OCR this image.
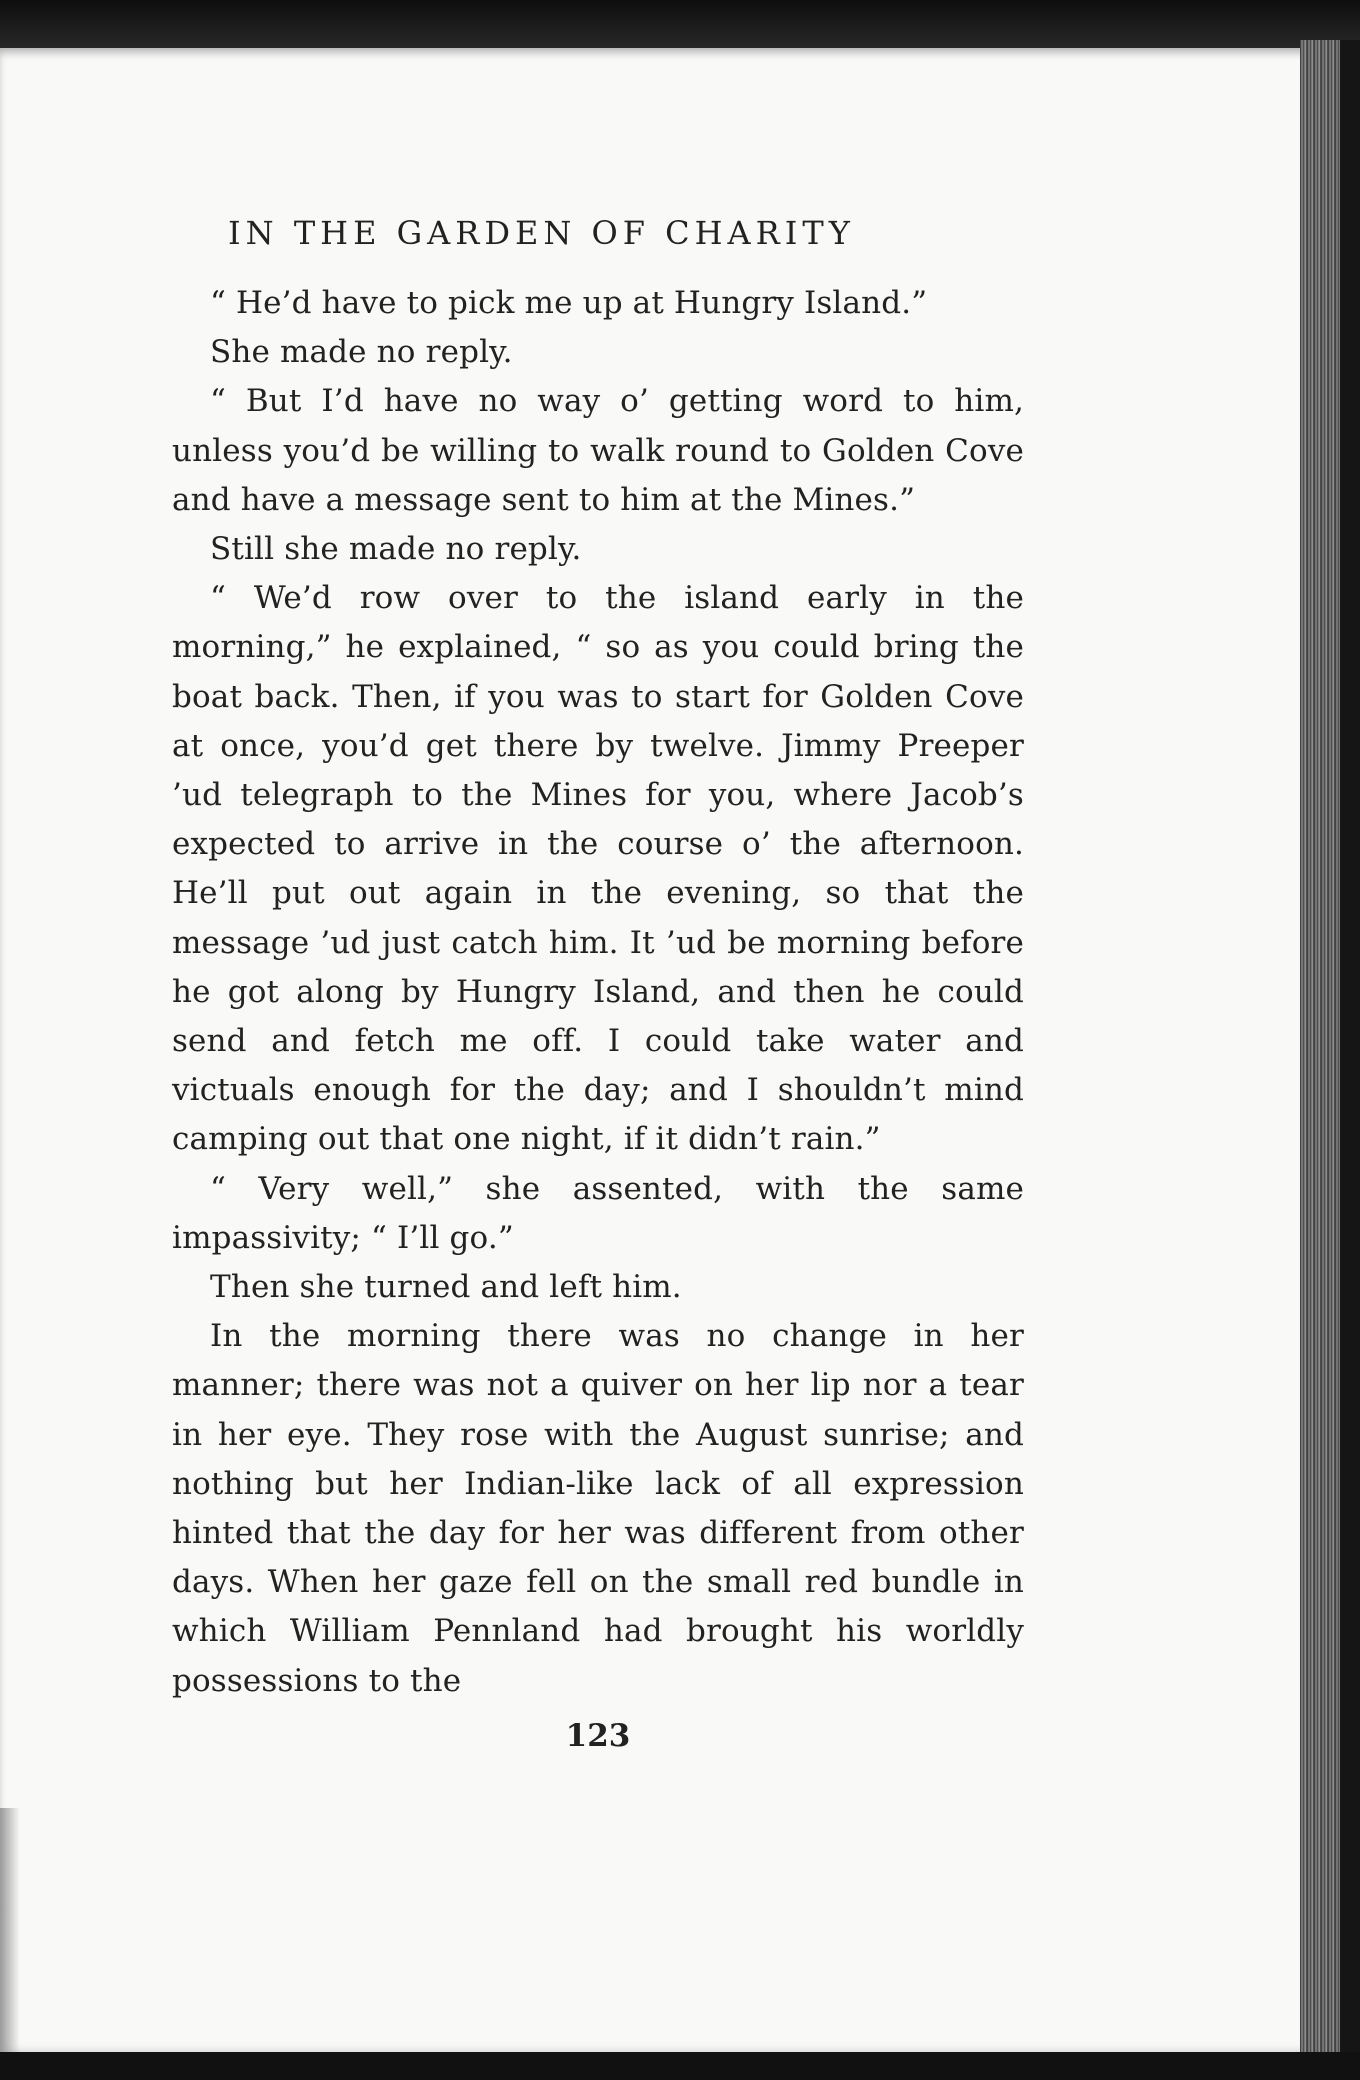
IN THE GARDEN OF CHARITY

“ He’d have to pick me up at Hungry Island.”

She made no reply.

“ But I’d have no way o’ getting word to him, unless you’d be willing to walk round to Golden Cove and have a message sent to him at the Mines.”

Still she made no reply.

“ We’d row over to the island early in the morning,” he explained, “ so as you could bring the boat back. Then, if you was to start for Golden Cove at once, you’d get there by twelve. Jimmy Preeper ’ud telegraph to the Mines for you, where Jacob’s expected to arrive in the course o’ the afternoon. He’ll put out again in the evening, so that the message ’ud just catch him. It ’ud be morning before he got along by Hungry Island, and then he could send and fetch me off. I could take water and victuals enough for the day; and I shouldn’t mind camping out that one night, if it didn’t rain.”

“ Very well,” she assented, with the same impassivity; “ I’ll go.”

Then she turned and left him.

In the morning there was no change in her manner; there was not a quiver on her lip nor a tear in her eye. They rose with the August sunrise; and nothing but her Indian-like lack of all expression hinted that the day for her was different from other days. When her gaze fell on the small red bundle in which William Pennland had brought his worldly possessions to the

123
